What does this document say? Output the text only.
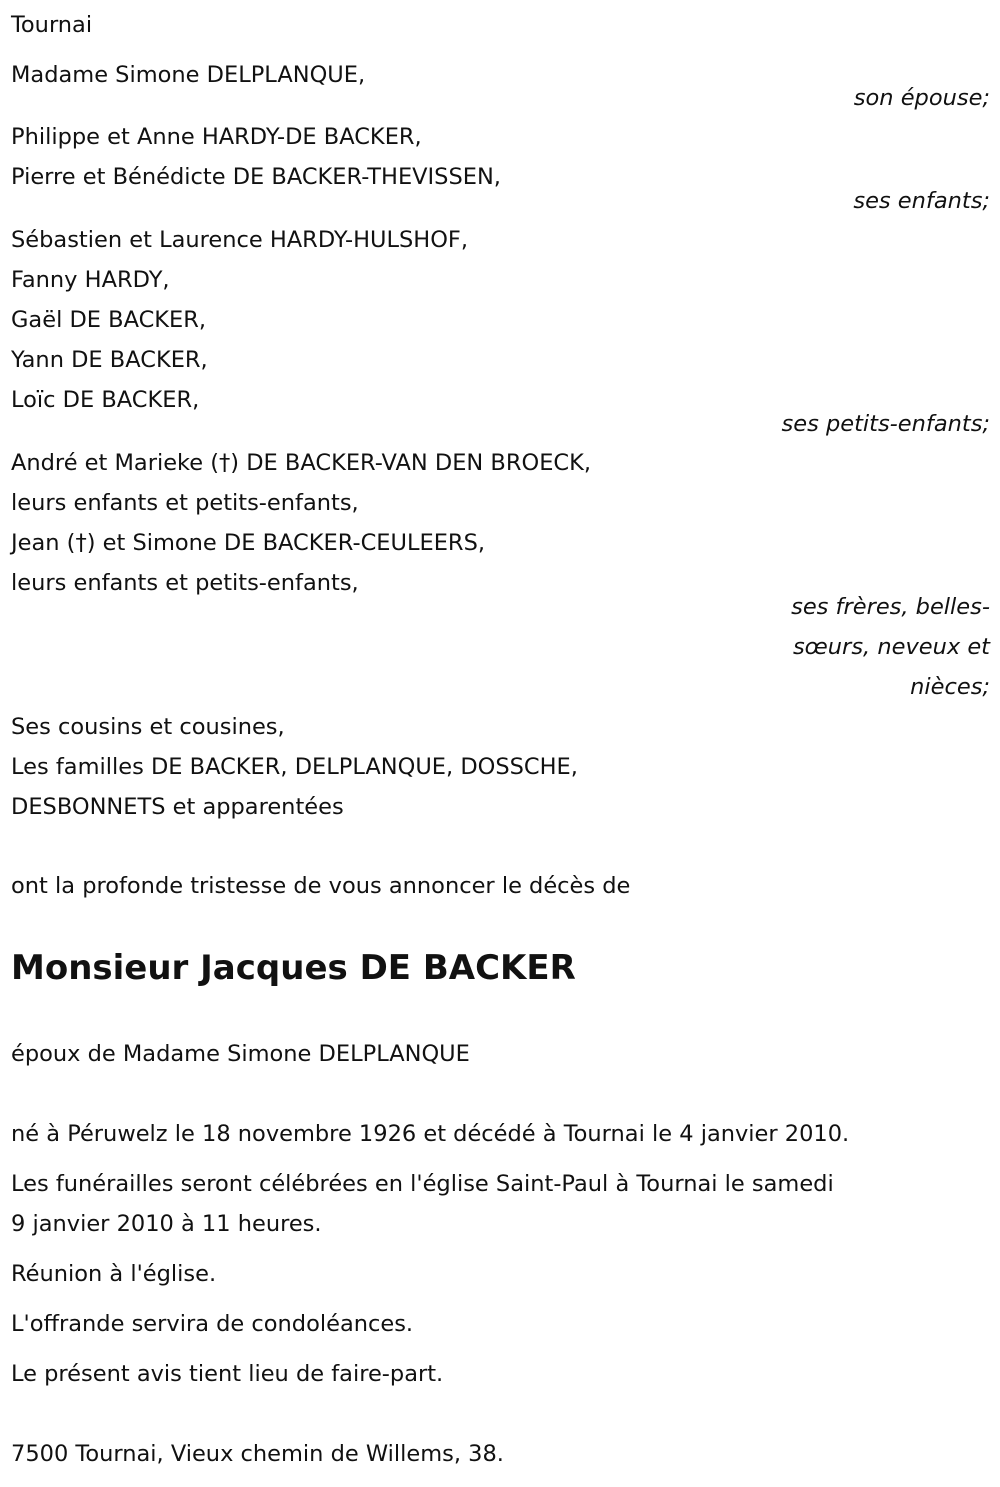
Tournai
Madame Simone DELPLANQUE,
son épouse;
Philippe et Anne HARDY-DE BACKER,
Pierre et Bénédicte DE BACKER-THEVISSEN,
ses enfants;
Sébastien et Laurence HARDY-HULSHOF,
Fanny HARDY,
Gaël DE BACKER,
Yann DE BACKER,
Loïc DE BACKER,
ses petits-enfants;
André et Marieke (†) DE BACKER-VAN DEN BROECK,
leurs enfants et petits-enfants,
Jean (†) et Simone DE BACKER-CEULEERS,
leurs enfants et petits-enfants,
ses frères, belles-
sœurs, neveux et
nièces;
Ses cousins et cousines,
Les familles DE BACKER, DELPLANQUE, DOSSCHE,
DESBONNETS et apparentées
ont la profonde tristesse de vous annoncer le décès de
Monsieur Jacques DE BACKER
époux de Madame Simone DELPLANQUE
né à Péruwelz le 18 novembre 1926 et décédé à Tournai le 4 janvier 2010.
Les funérailles seront célébrées en l'église Saint-Paul à Tournai le samedi
9 janvier 2010 à 11 heures.
Réunion à l'église.
L'offrande servira de condoléances.
Le présent avis tient lieu de faire-part.
7500 Tournai, Vieux chemin de Willems, 38.
